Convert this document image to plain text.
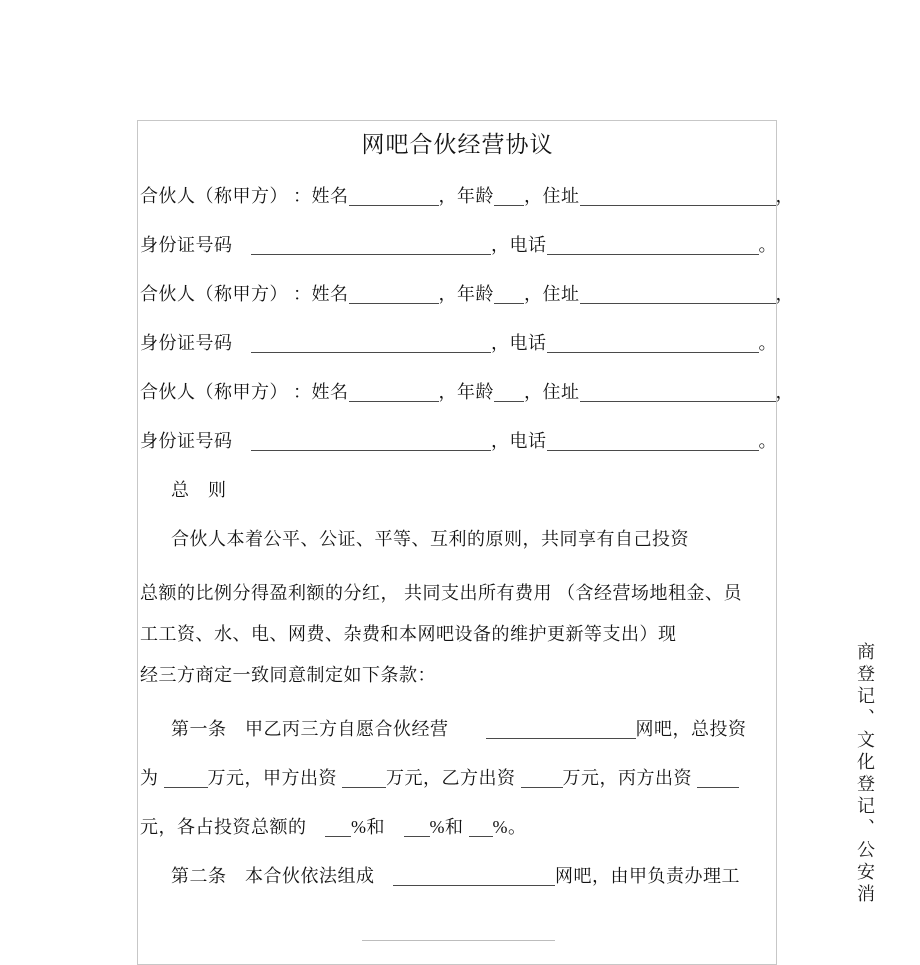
网吧合伙经营协议
合伙人（称甲方） ：姓名	，年龄 ，住址	，
身份证号码　	，电话	。
合伙人（称甲方） ：姓名	，年龄 ，住址	，
身份证号码　	，电话	。
合伙人（称甲方） ：姓名	，年龄 ，住址	，
身份证号码　	，电话	。
总　则
合伙人本着公平、公证、平等、互利的原则，共同享有自己投资
总额的比例分得盈利额的分红， 共同支出所有费用 （含经营场地租金、员
工工资、水、电、网费、杂费和本网吧设备的维护更新等支出）现
经三方商定一致同意制定如下条款：
第一条　甲乙丙三方自愿合伙经营　　	网吧，总投资
为 万元，甲方出资 万元，乙方出资 万元，丙方出资
元，各占投资总额的　%和　%和 %。
第二条　本合伙依法组成　	网吧，由甲负责办理工	商登记、文化登记、公安消
